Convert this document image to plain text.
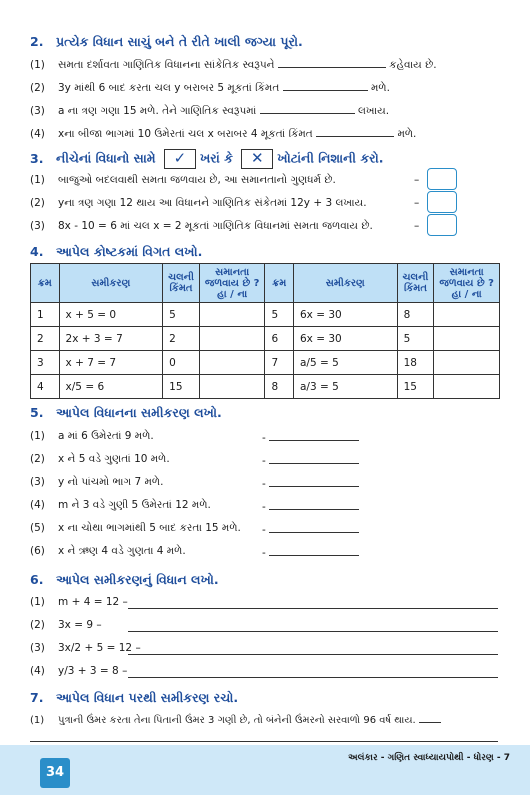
2. પ્રત્યેક વિધાન સાચું બને તે રીતે ખાલી જગ્યા પૂરો.
(1) સમતા દર્શાવતા ગાણિતિક વિધાનના સાંકેતિક સ્વરૂપને	કહેવાય છે.
(2) 3y માંથી 6 બાદ કરતા ચલ y બરાબર 5 મૂકતાં કિંમત	મળે.
(3) a ના ત્રણ ગણા 15 મળે. તેને ગાણિતિક સ્વરૂપમાં	લખાય.
(4) xના બીજા ભાગમાં 10 ઉમેરતાં ચલ x બરાબર 4 મૂકતાં કિંમત	મળે.
3. નીચેનાં વિધાનો સામે ✓ ખરાં કે ✕ ખોટાંની નિશાની કરો.
(1) બાજુઓ બદલવાથી સમતા જળવાય છે, આ સમાનતાનો ગુણધર્મ છે.	–
(2) yના ત્રણ ગણા 12 થાય આ વિધાનને ગાણિતિક સંકેતમાં 12y + 3 લખાય.	–
(3) 8x - 10 = 6 માં ચલ x = 2 મૂકતાં ગાણિતિક વિધાનમાં સમતા જળવાય છે.	–
4. આપેલ કોષ્ટકમાં વિગત લખો.
ક્રમ	સમીકરણ	ચલની કિંમત	સમાનતા જળવાય છે ? હા / ના	ક્રમ	સમીકરણ	ચલની કિંમત	સમાનતા જળવાય છે ? હા / ના
1	x + 5 = 0	5		5	6x = 30	8	
2	2x + 3 = 7	2		6	6x = 30	5	
3	x + 7 = 7	0		7	a/5 = 5	18	
4	x/5 = 6	15		8	a/3 = 5	15	
5. આપેલ વિધાનના સમીકરણ લખો.
(1) a માં 6 ઉમેરતાં 9 મળે.
(2) x ને 5 વડે ગુણતાં 10 મળે.
(3) y નો પાંચમો ભાગ 7 મળે.
(4) m ને 3 વડે ગુણી 5 ઉમેરતાં 12 મળે.
(5) x ના ચોથા ભાગમાંથી 5 બાદ કરતા 15 મળે.
(6) x ને ઋણ 4 વડે ગુણતા 4 મળે.
-
-
-
-
-
-
6. આપેલ સમીકરણનું વિધાન લખો.
(1) m + 4 = 12 –
(2) 3x = 9 –
(3) 3x/2 + 5 = 12 –
(4) y/3 + 3 = 8 –
7. આપેલ વિધાન પરથી સમીકરણ રચો.
(1) પુત્રાની ઉંમર કરતા તેના પિતાની ઉંમર 3 ગણી છે, તો બંનેની ઉંમરનો સરવાળો 96 વર્ષ થાય.
અલંકાર - ગણિત સ્વાધ્યાયપોથી - ધોરણ - 7
34
